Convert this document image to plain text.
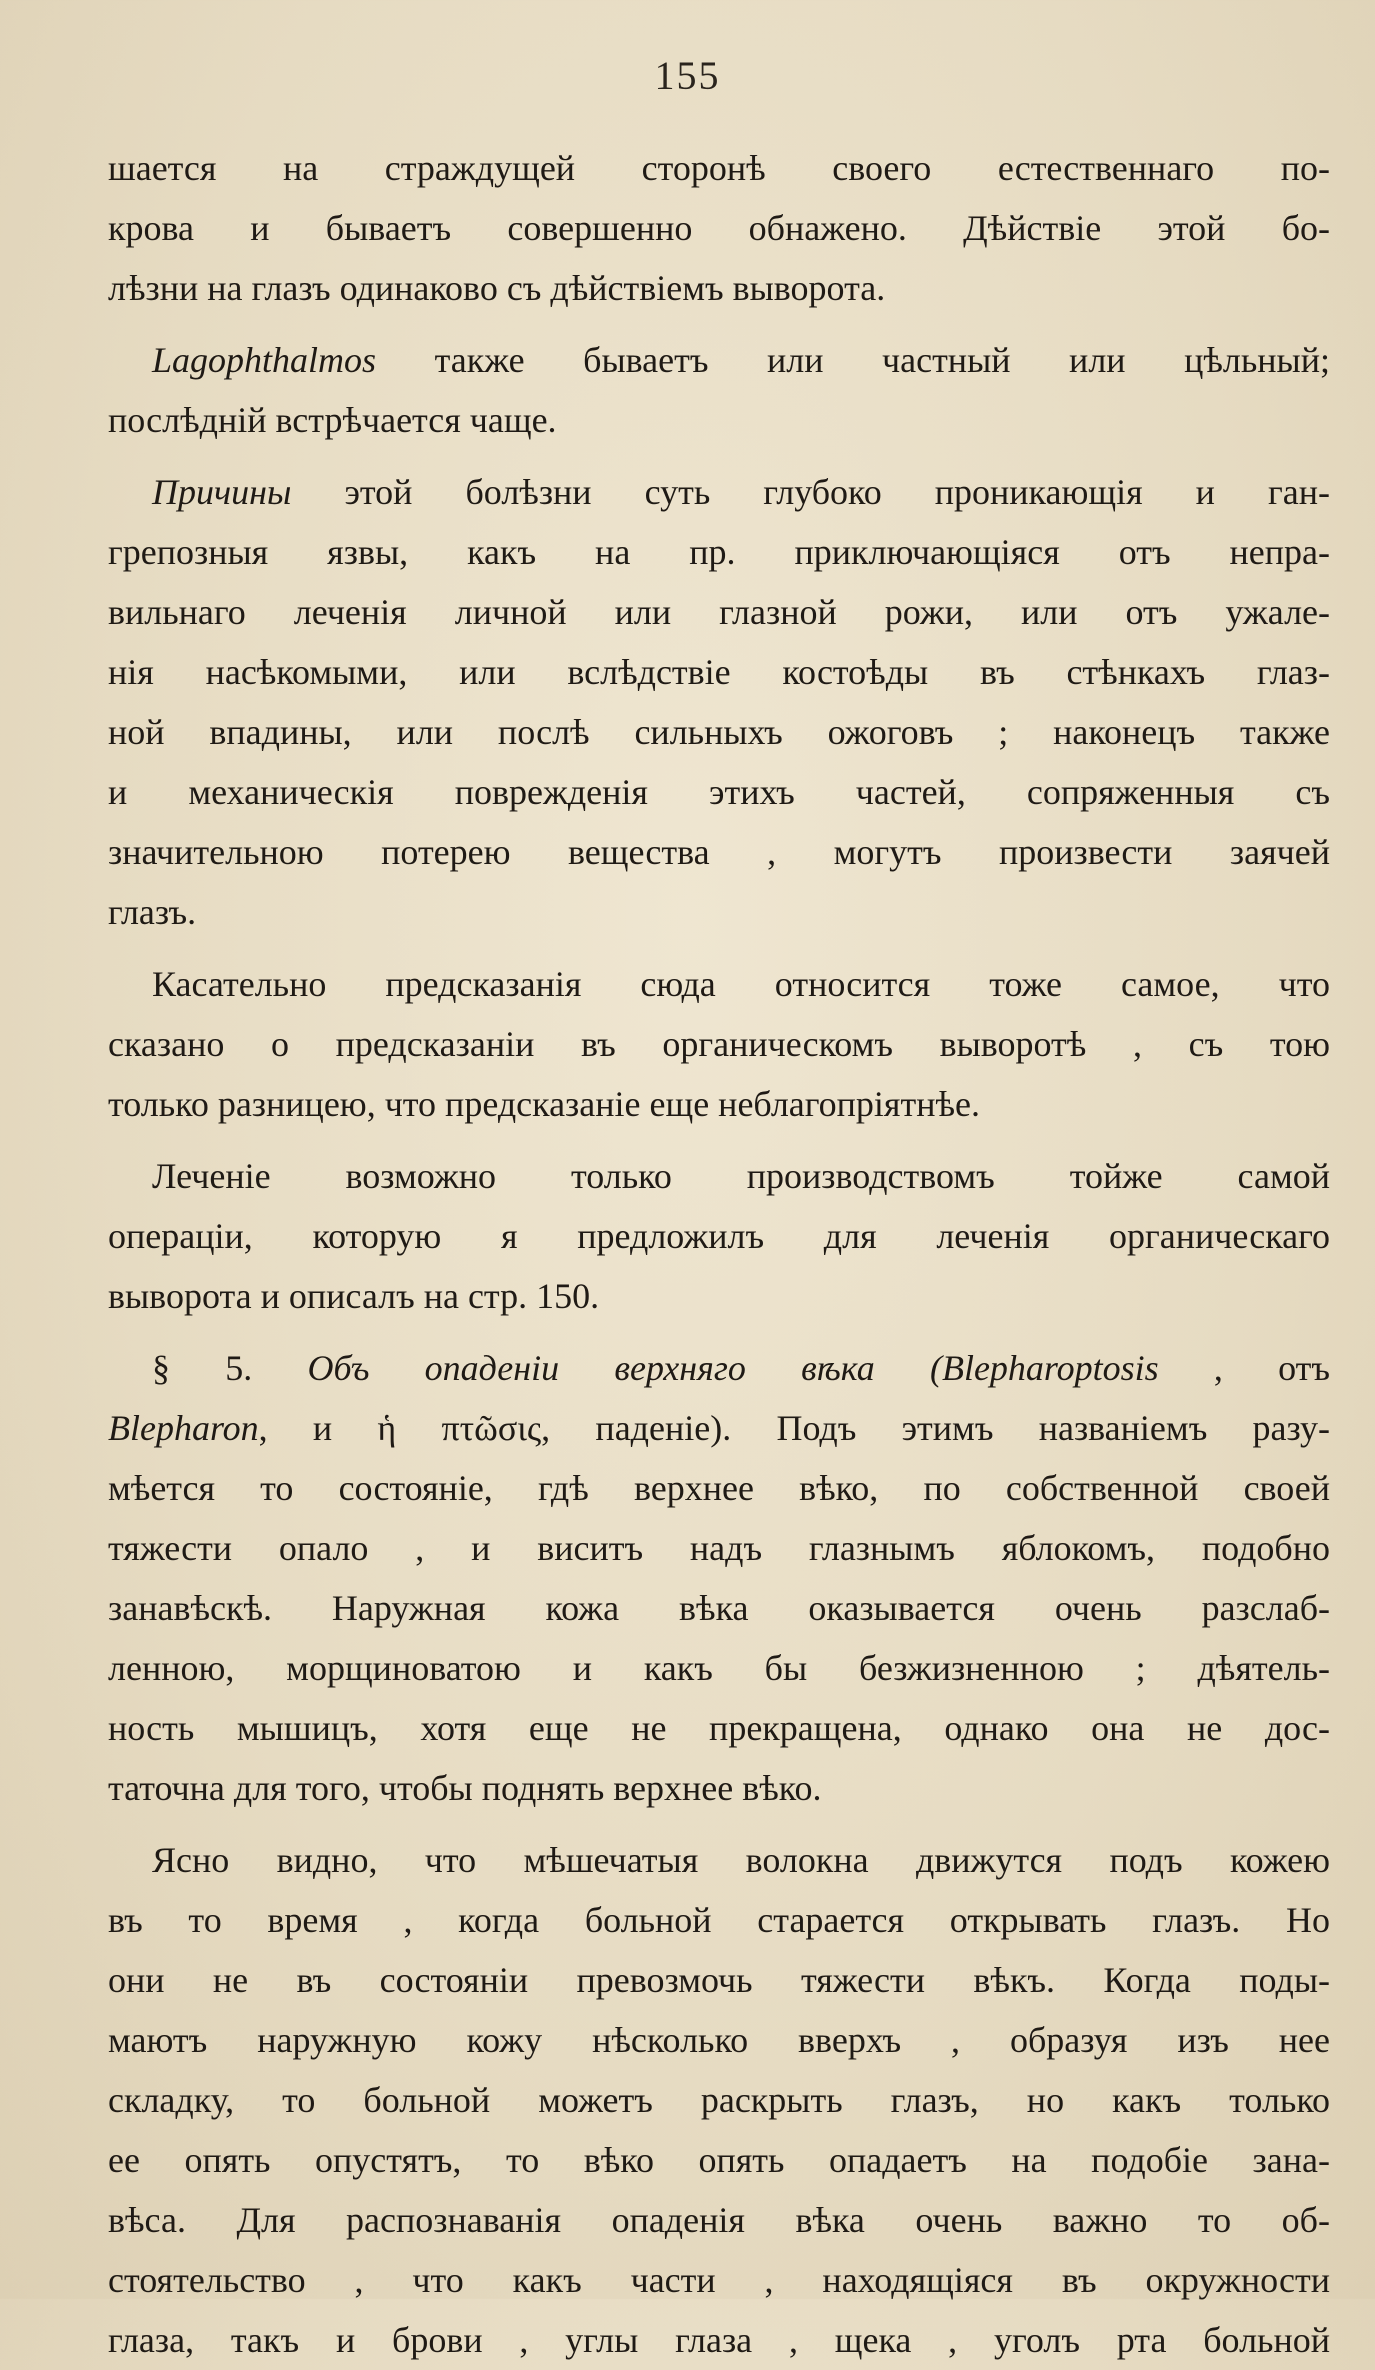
155
шается на страждущей сторонѣ своего естественнаго по-
крова и бываетъ совершенно обнажено. Дѣйствіе этой бо-
лѣзни на глазъ одинаково съ дѣйствіемъ выворота.
Lagophthalmos также бываетъ или частный или цѣльный;
послѣдній встрѣчается чаще.
Причины этой болѣзни суть глубоко проникающія и ган-
грепозныя язвы, какъ на пр. приключающіяся отъ непра-
вильнаго леченія личной или глазной рожи, или отъ ужале-
нія насѣкомыми, или вслѣдствіе костоѣды въ стѣнкахъ глаз-
ной впадины, или послѣ сильныхъ ожоговъ ; наконецъ также
и механическія поврежденія этихъ частей, сопряженныя съ
значительною потерею вещества , могутъ произвести заячей
глазъ.
Касательно предсказанія сюда относится тоже самое, что
сказано о предсказаніи въ органическомъ выворотѣ , съ тою
только разницею, что предсказаніе еще неблагопріятнѣе.
Леченіе возможно только производствомъ тойже самой
операціи, которую я предложилъ для леченія органическаго
выворота и описалъ на стр. 150.
§ 5. Объ опаденіи верхняго вѣка (Blepharoptosis , отъ
Blepharon, и ἡ πτῶσις, паденіе). Подъ этимъ названіемъ разу-
мѣется то состояніе, гдѣ верхнее вѣко, по собственной своей
тяжести опало , и виситъ надъ глазнымъ яблокомъ, подобно
занавѣскѣ. Наружная кожа вѣка оказывается очень разслаб-
ленною, морщиноватою и какъ бы безжизненною ; дѣятель-
ность мышицъ, хотя еще не прекращена, однако она не дос-
таточна для того, чтобы поднять верхнее вѣко.
Ясно видно, что мѣшечатыя волокна движутся подъ кожею
въ то время , когда больной старается открывать глазъ. Но
они не въ состояніи превозмочь тяжести вѣкъ. Когда поды-
маютъ наружную кожу нѣсколько вверхъ , образуя изъ нее
складку, то больной можетъ раскрыть глазъ, но какъ только
ее опять опустятъ, то вѣко опять опадаетъ на подобіе зана-
вѣса. Для распознаванія опаденія вѣка очень важно то об-
стоятельство , что какъ части , находящіяся въ окружности
глаза, такъ и брови , углы глаза , щека , уголъ рта больной
